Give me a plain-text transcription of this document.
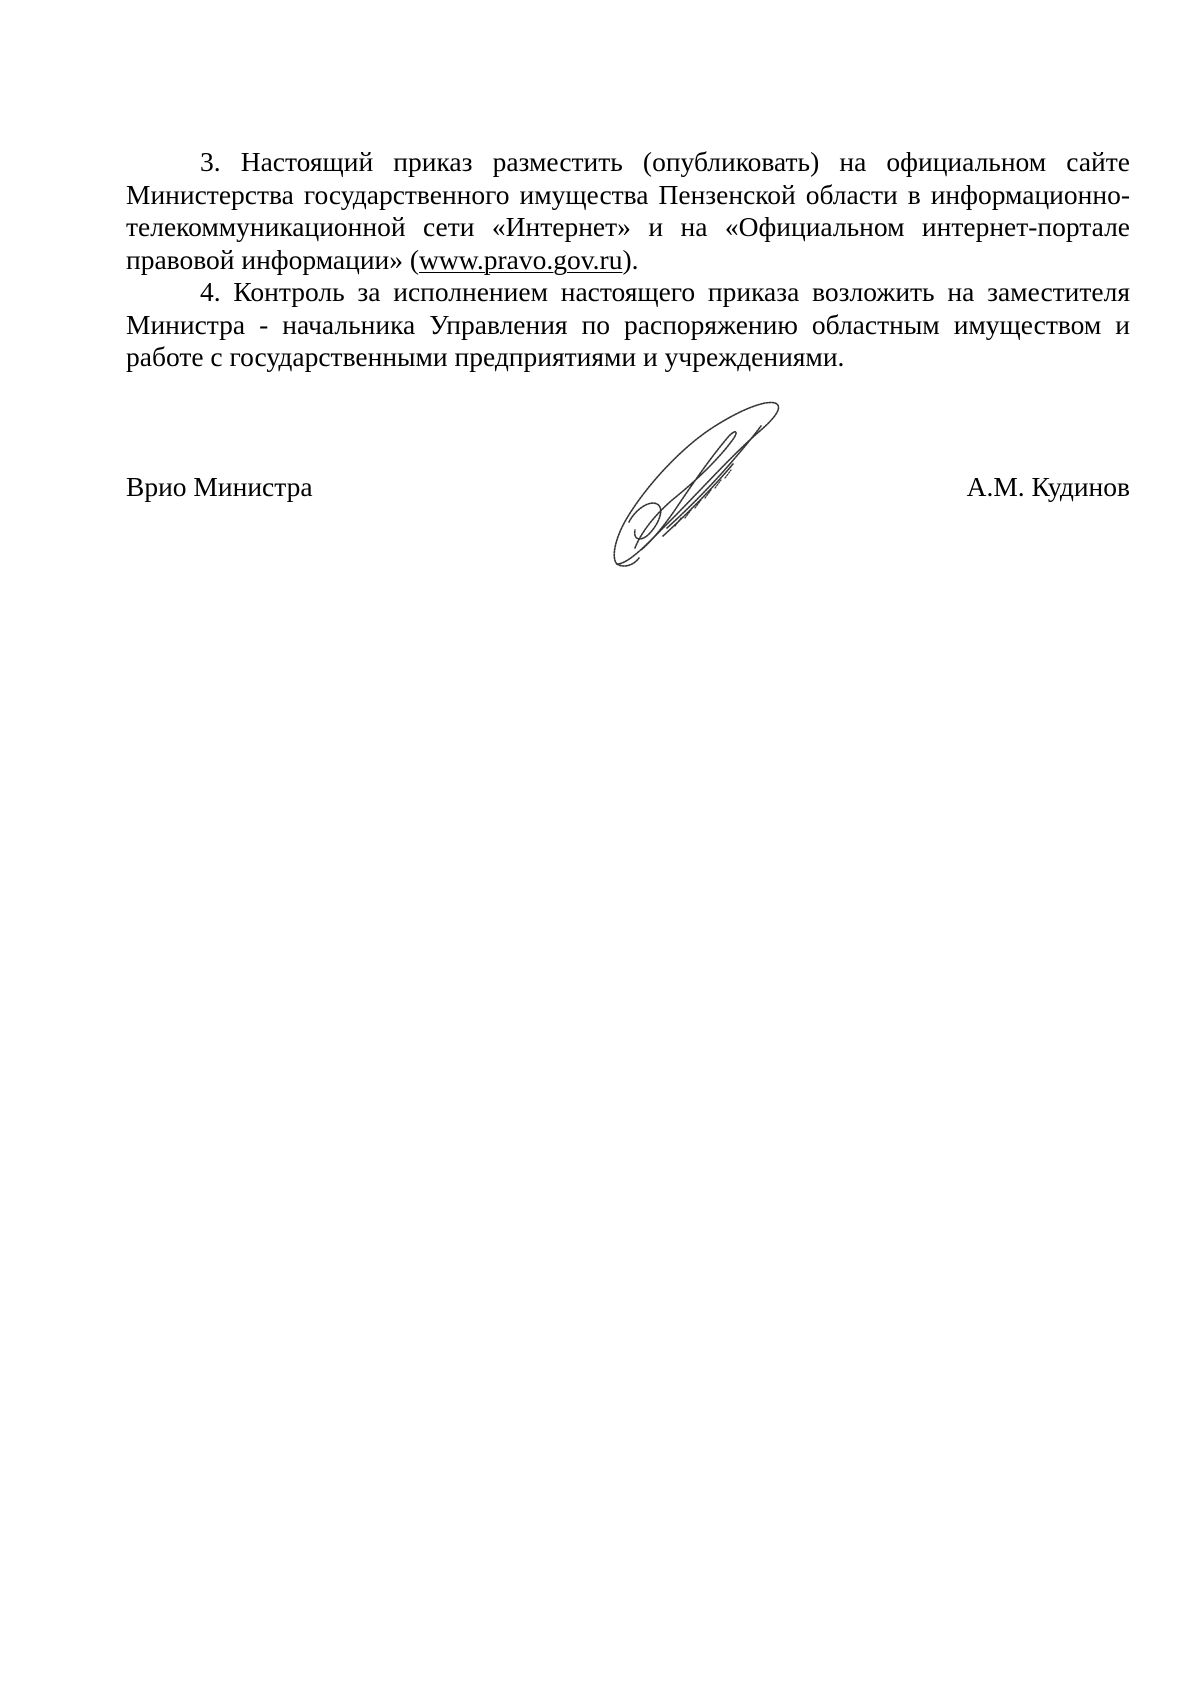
3. Настоящий приказ разместить (опубликовать) на официальном сайте Министерства государственного имущества Пензенской области в информационно-телекоммуникационной сети «Интернет» и на «Официальном интернет-портале правовой информации» (www.pravo.gov.ru).

4. Контроль за исполнением настоящего приказа возложить на заместителя Министра - начальника Управления по распоряжению областным имуществом и работе с государственными предприятиями и учреждениями.

Врио Министра	А.М. Кудинов
